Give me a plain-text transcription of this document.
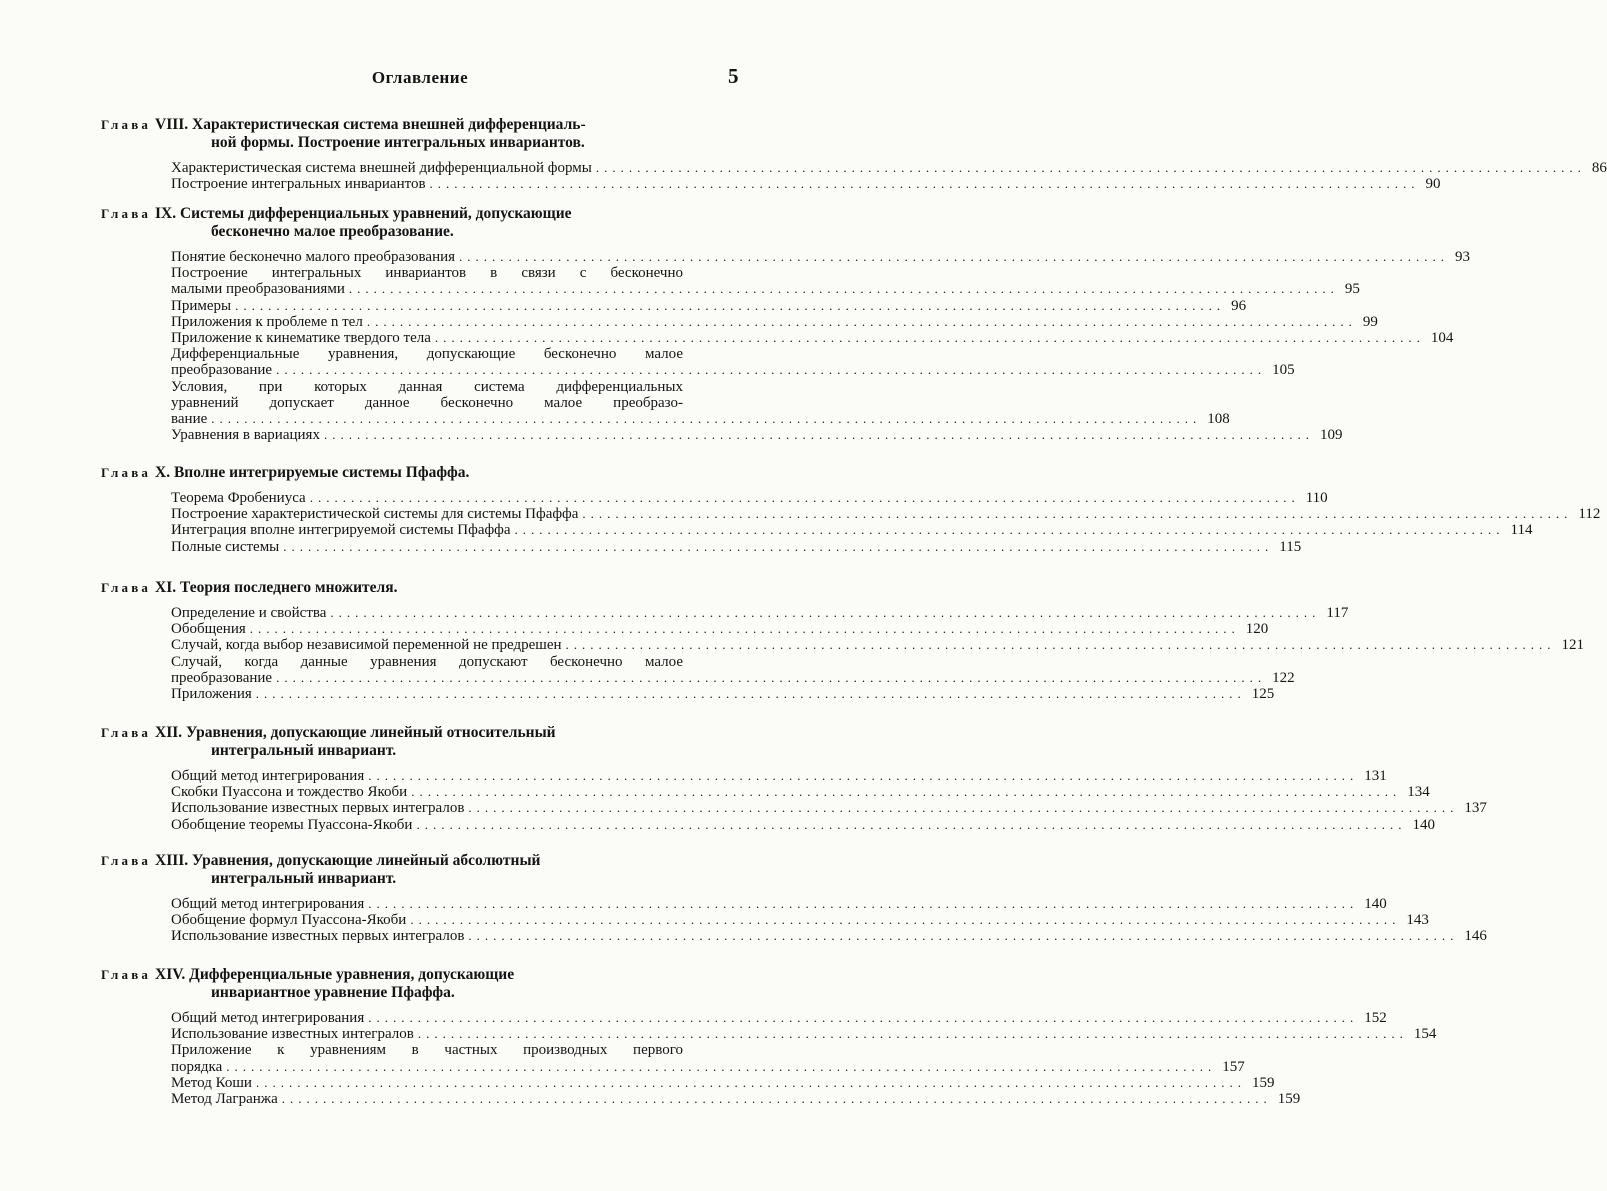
Оглавление	5
Глава VIII. Характеристическая система внешней дифференциаль-
ной формы. Построение интегральных инвариантов.
Характеристическая система внешней дифференциальной формы ........................................................................................................................ 86
Построение интегральных инвариантов ........................................................................................................................ 90
Глава IX. Системы дифференциальных уравнений, допускающие
бесконечно малое преобразование.
Понятие бесконечно малого преобразования ........................................................................................................................ 93
Построение интегральных инвариантов в связи с бесконечно
малыми преобразованиями ........................................................................................................................ 95
Примеры ........................................................................................................................ 96
Приложения к проблеме n тел ........................................................................................................................ 99
Приложение к кинематике твердого тела ........................................................................................................................ 104
Дифференциальные уравнения, допускающие бесконечно малое
преобразование ........................................................................................................................ 105
Условия, при которых данная система дифференциальных
уравнений допускает данное бесконечно малое преобразо-
вание ........................................................................................................................ 108
Уравнения в вариациях ........................................................................................................................ 109
Глава X. Вполне интегрируемые системы Пфаффа.
Теорема Фробениуса ........................................................................................................................ 110
Построение характеристической системы для системы Пфаффа ........................................................................................................................ 112
Интеграция вполне интегрируемой системы Пфаффа ........................................................................................................................ 114
Полные системы ........................................................................................................................ 115
Глава XI. Теория последнего множителя.
Определение и свойства ........................................................................................................................ 117
Обобщения ........................................................................................................................ 120
Случай, когда выбор независимой переменной не предрешен ........................................................................................................................ 121
Случай, когда данные уравнения допускают бесконечно малое
преобразование ........................................................................................................................ 122
Приложения ........................................................................................................................ 125
Глава XII. Уравнения, допускающие линейный относительный
интегральный инвариант.
Общий метод интегрирования ........................................................................................................................ 131
Скобки Пуассона и тождество Якоби ........................................................................................................................ 134
Использование известных первых интегралов ........................................................................................................................ 137
Обобщение теоремы Пуассона-Якоби ........................................................................................................................ 140
Глава XIII. Уравнения, допускающие линейный абсолютный
интегральный инвариант.
Общий метод интегрирования ........................................................................................................................ 140
Обобщение формул Пуассона-Якоби ........................................................................................................................ 143
Использование известных первых интегралов ........................................................................................................................ 146
Глава XIV. Дифференциальные уравнения, допускающие
инвариантное уравнение Пфаффа.
Общий метод интегрирования ........................................................................................................................ 152
Использование известных интегралов ........................................................................................................................ 154
Приложение к уравнениям в частных производных первого
порядка ........................................................................................................................ 157
Метод Коши ........................................................................................................................ 159
Метод Лагранжа ........................................................................................................................ 159
